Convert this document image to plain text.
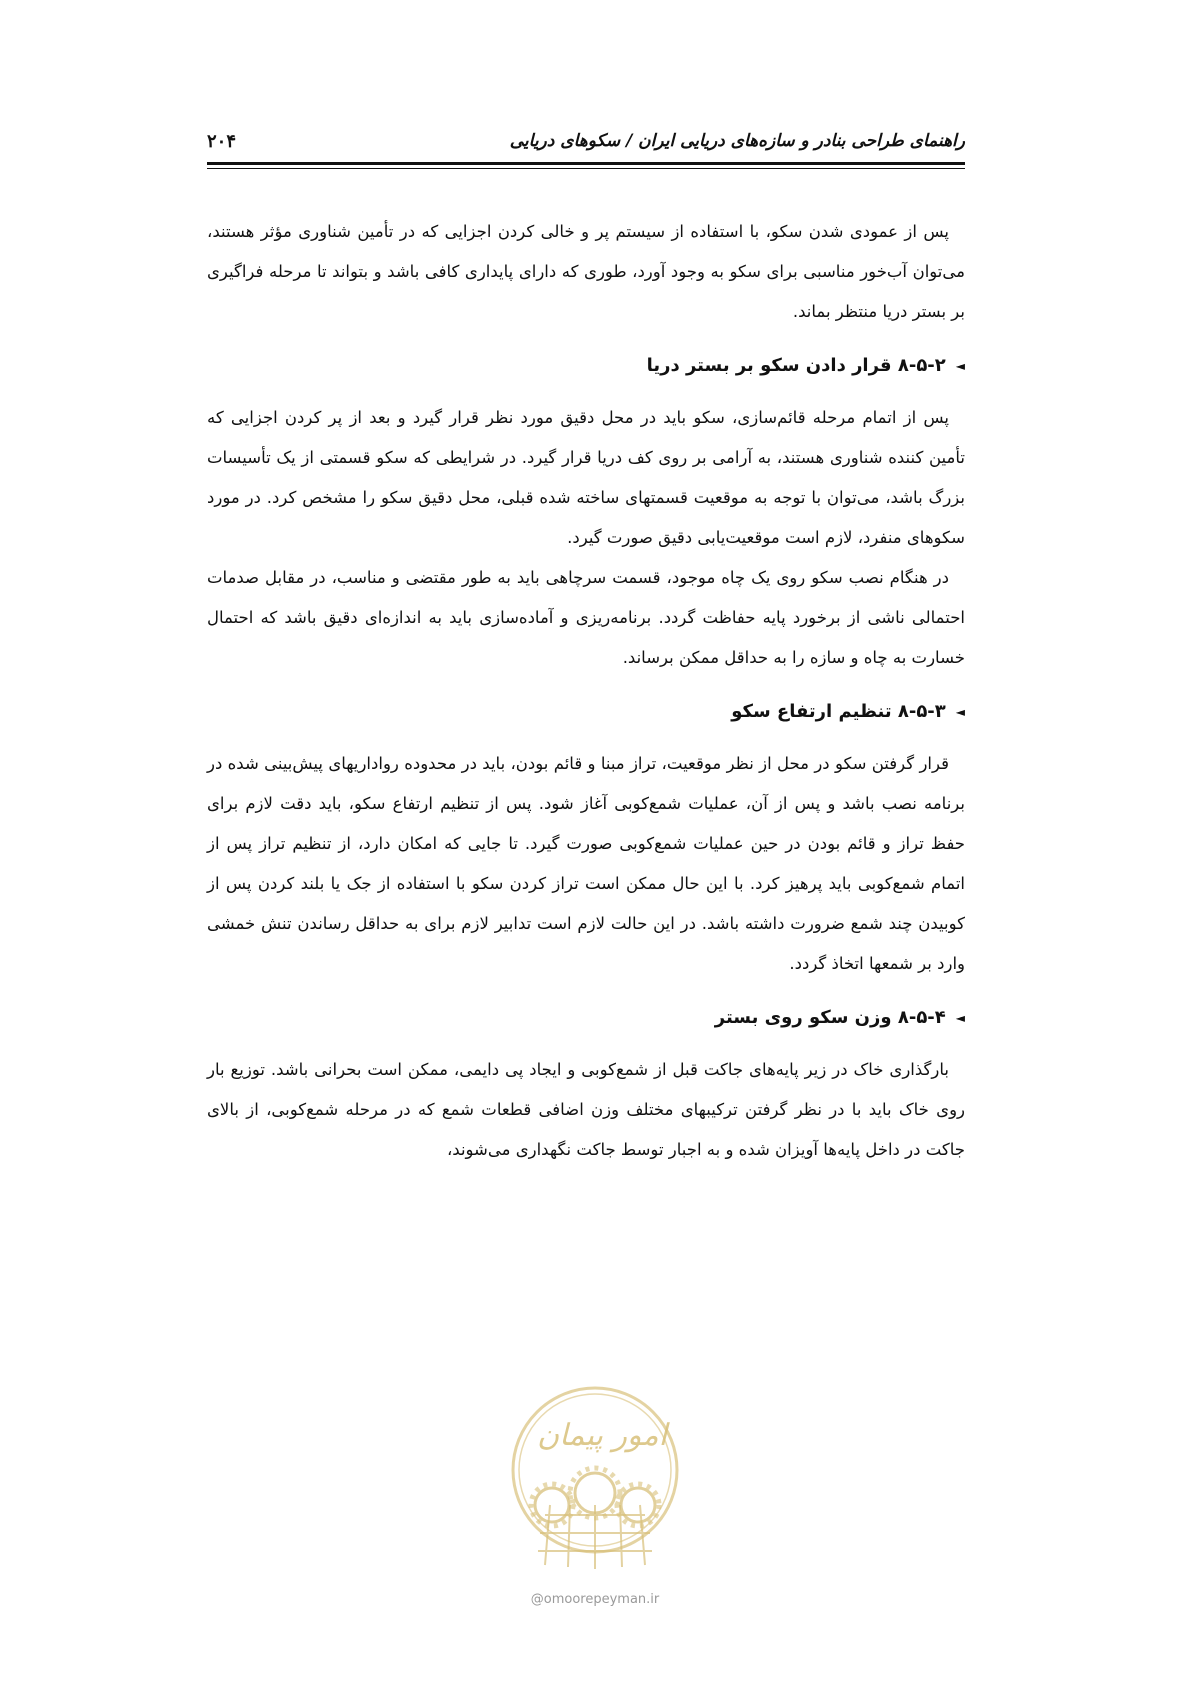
راهنمای طراحی بنادر و سازه‌های دریایی ایران / سکوهای دریایی
۲۰۴

پس از عمودی شدن سکو، با استفاده از سیستم پر و خالی کردن اجزایی که در تأمین شناوری مؤثر هستند، می‌توان آب‌خور مناسبی برای سکو به وجود آورد، طوری که دارای پایداری کافی باشد و بتواند تا مرحله فراگیری بر بستر دریا منتظر بماند.

◄
۸-۵-۲ قرار دادن سکو بر بستر دریا

پس از اتمام مرحله قائم‌سازی، سکو باید در محل دقیق مورد نظر قرار گیرد و بعد از پر کردن اجزایی که تأمین کننده شناوری هستند، به آرامی بر روی کف دریا قرار گیرد. در شرایطی که سکو قسمتی از یک تأسیسات بزرگ باشد، می‌توان با توجه به موقعیت قسمتهای ساخته شده قبلی، محل دقیق سکو را مشخص کرد. در مورد سکوهای منفرد، لازم است موقعیت‌یابی دقیق صورت گیرد.

در هنگام نصب سکو روی یک چاه موجود، قسمت سرچاهی باید به طور مقتضی و مناسب، در مقابل صدمات احتمالی ناشی از برخورد پایه حفاظت گردد. برنامه‌ریزی و آماده‌سازی باید به اندازه‌ای دقیق باشد که احتمال خسارت به چاه و سازه را به حداقل ممکن برساند.

◄
۸-۵-۳ تنظیم ارتفاع سکو

قرار گرفتن سکو در محل از نظر موقعیت، تراز مبنا و قائم بودن، باید در محدوده رواداریهای پیش‌بینی شده در برنامه نصب باشد و پس از آن، عملیات شمع‌کوبی آغاز شود. پس از تنظیم ارتفاع سکو، باید دقت لازم برای حفظ تراز و قائم بودن در حین عملیات شمع‌کوبی صورت گیرد. تا جایی که امکان دارد، از تنظیم تراز پس از اتمام شمع‌کوبی باید پرهیز کرد. با این حال ممکن است تراز کردن سکو با استفاده از جک یا بلند کردن پس از کوبیدن چند شمع ضرورت داشته باشد. در این حالت لازم است تدابیر لازم برای به حداقل رساندن تنش خمشی وارد بر شمعها اتخاذ گردد.

◄
۸-۵-۴ وزن سکو روی بستر

بارگذاری خاک در زیر پایه‌های جاکت قبل از شمع‌کوبی و ایجاد پی دایمی، ممکن است بحرانی باشد. توزیع بار روی خاک باید با در نظر گرفتن ترکیبهای مختلف وزن اضافی قطعات شمع که در مرحله شمع‌کوبی، از بالای جاکت در داخل پایه‌ها آویزان شده و به اجبار توسط جاکت نگهداری می‌شوند،

امور پیمان
@omoorepeyman.ir
